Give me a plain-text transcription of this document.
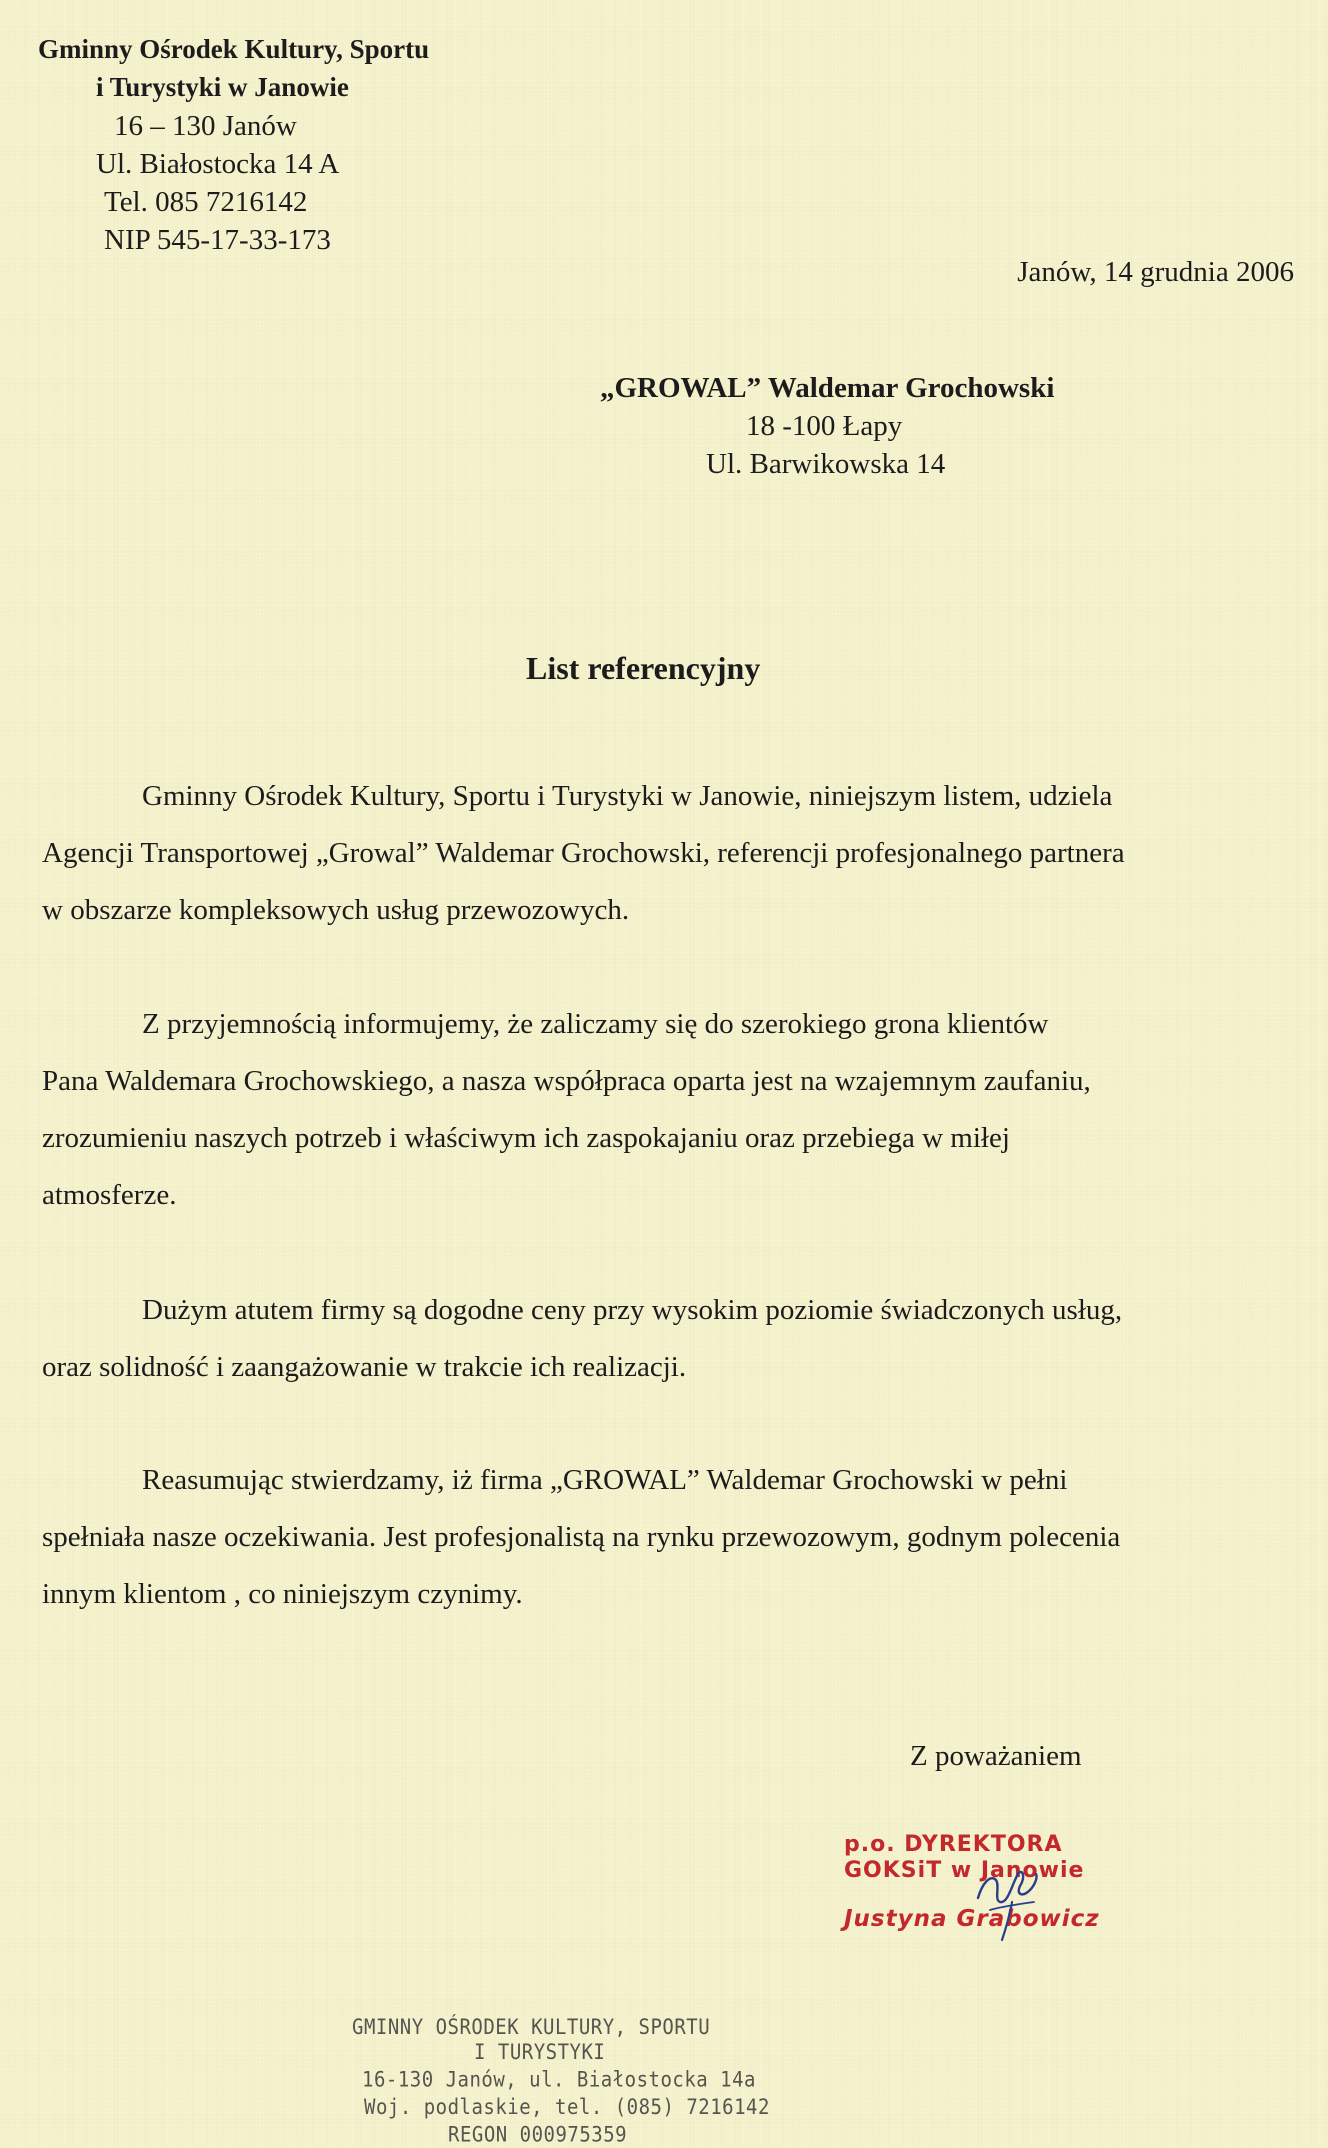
Gminny Ośrodek Kultury, Sportu
i Turystyki w Janowie
16 – 130 Janów
Ul. Białostocka 14 A
Tel. 085 7216142
NIP 545-17-33-173
Janów, 14 grudnia 2006
„GROWAL” Waldemar Grochowski
18 -100 Łapy
Ul. Barwikowska 14
List referencyjny
Gminny Ośrodek Kultury, Sportu i Turystyki w Janowie, niniejszym listem, udziela
Agencji Transportowej „Growal” Waldemar Grochowski, referencji profesjonalnego partnera
w obszarze kompleksowych usług przewozowych.
Z przyjemnością informujemy, że zaliczamy się do szerokiego grona klientów
Pana Waldemara Grochowskiego, a nasza współpraca oparta jest na wzajemnym zaufaniu,
zrozumieniu naszych potrzeb i właściwym ich zaspokajaniu oraz przebiega w miłej
atmosferze.
Dużym atutem firmy są dogodne ceny przy wysokim poziomie świadczonych usług,
oraz solidność i zaangażowanie w trakcie ich realizacji.
Reasumując stwierdzamy, iż firma „GROWAL” Waldemar Grochowski w pełni
spełniała nasze oczekiwania. Jest profesjonalistą na rynku przewozowym, godnym polecenia
innym klientom , co niniejszym czynimy.
Z poważaniem
GMINNY OŚRODEK KULTURY, SPORTU
I TURYSTYKI
16-130 Janów, ul. Białostocka 14a
Woj. podlaskie, tel. (085) 7216142
REGON 000975359
p.o. DYREKTORA
GOKSiT w Janowie
Justyna Grabowicz
